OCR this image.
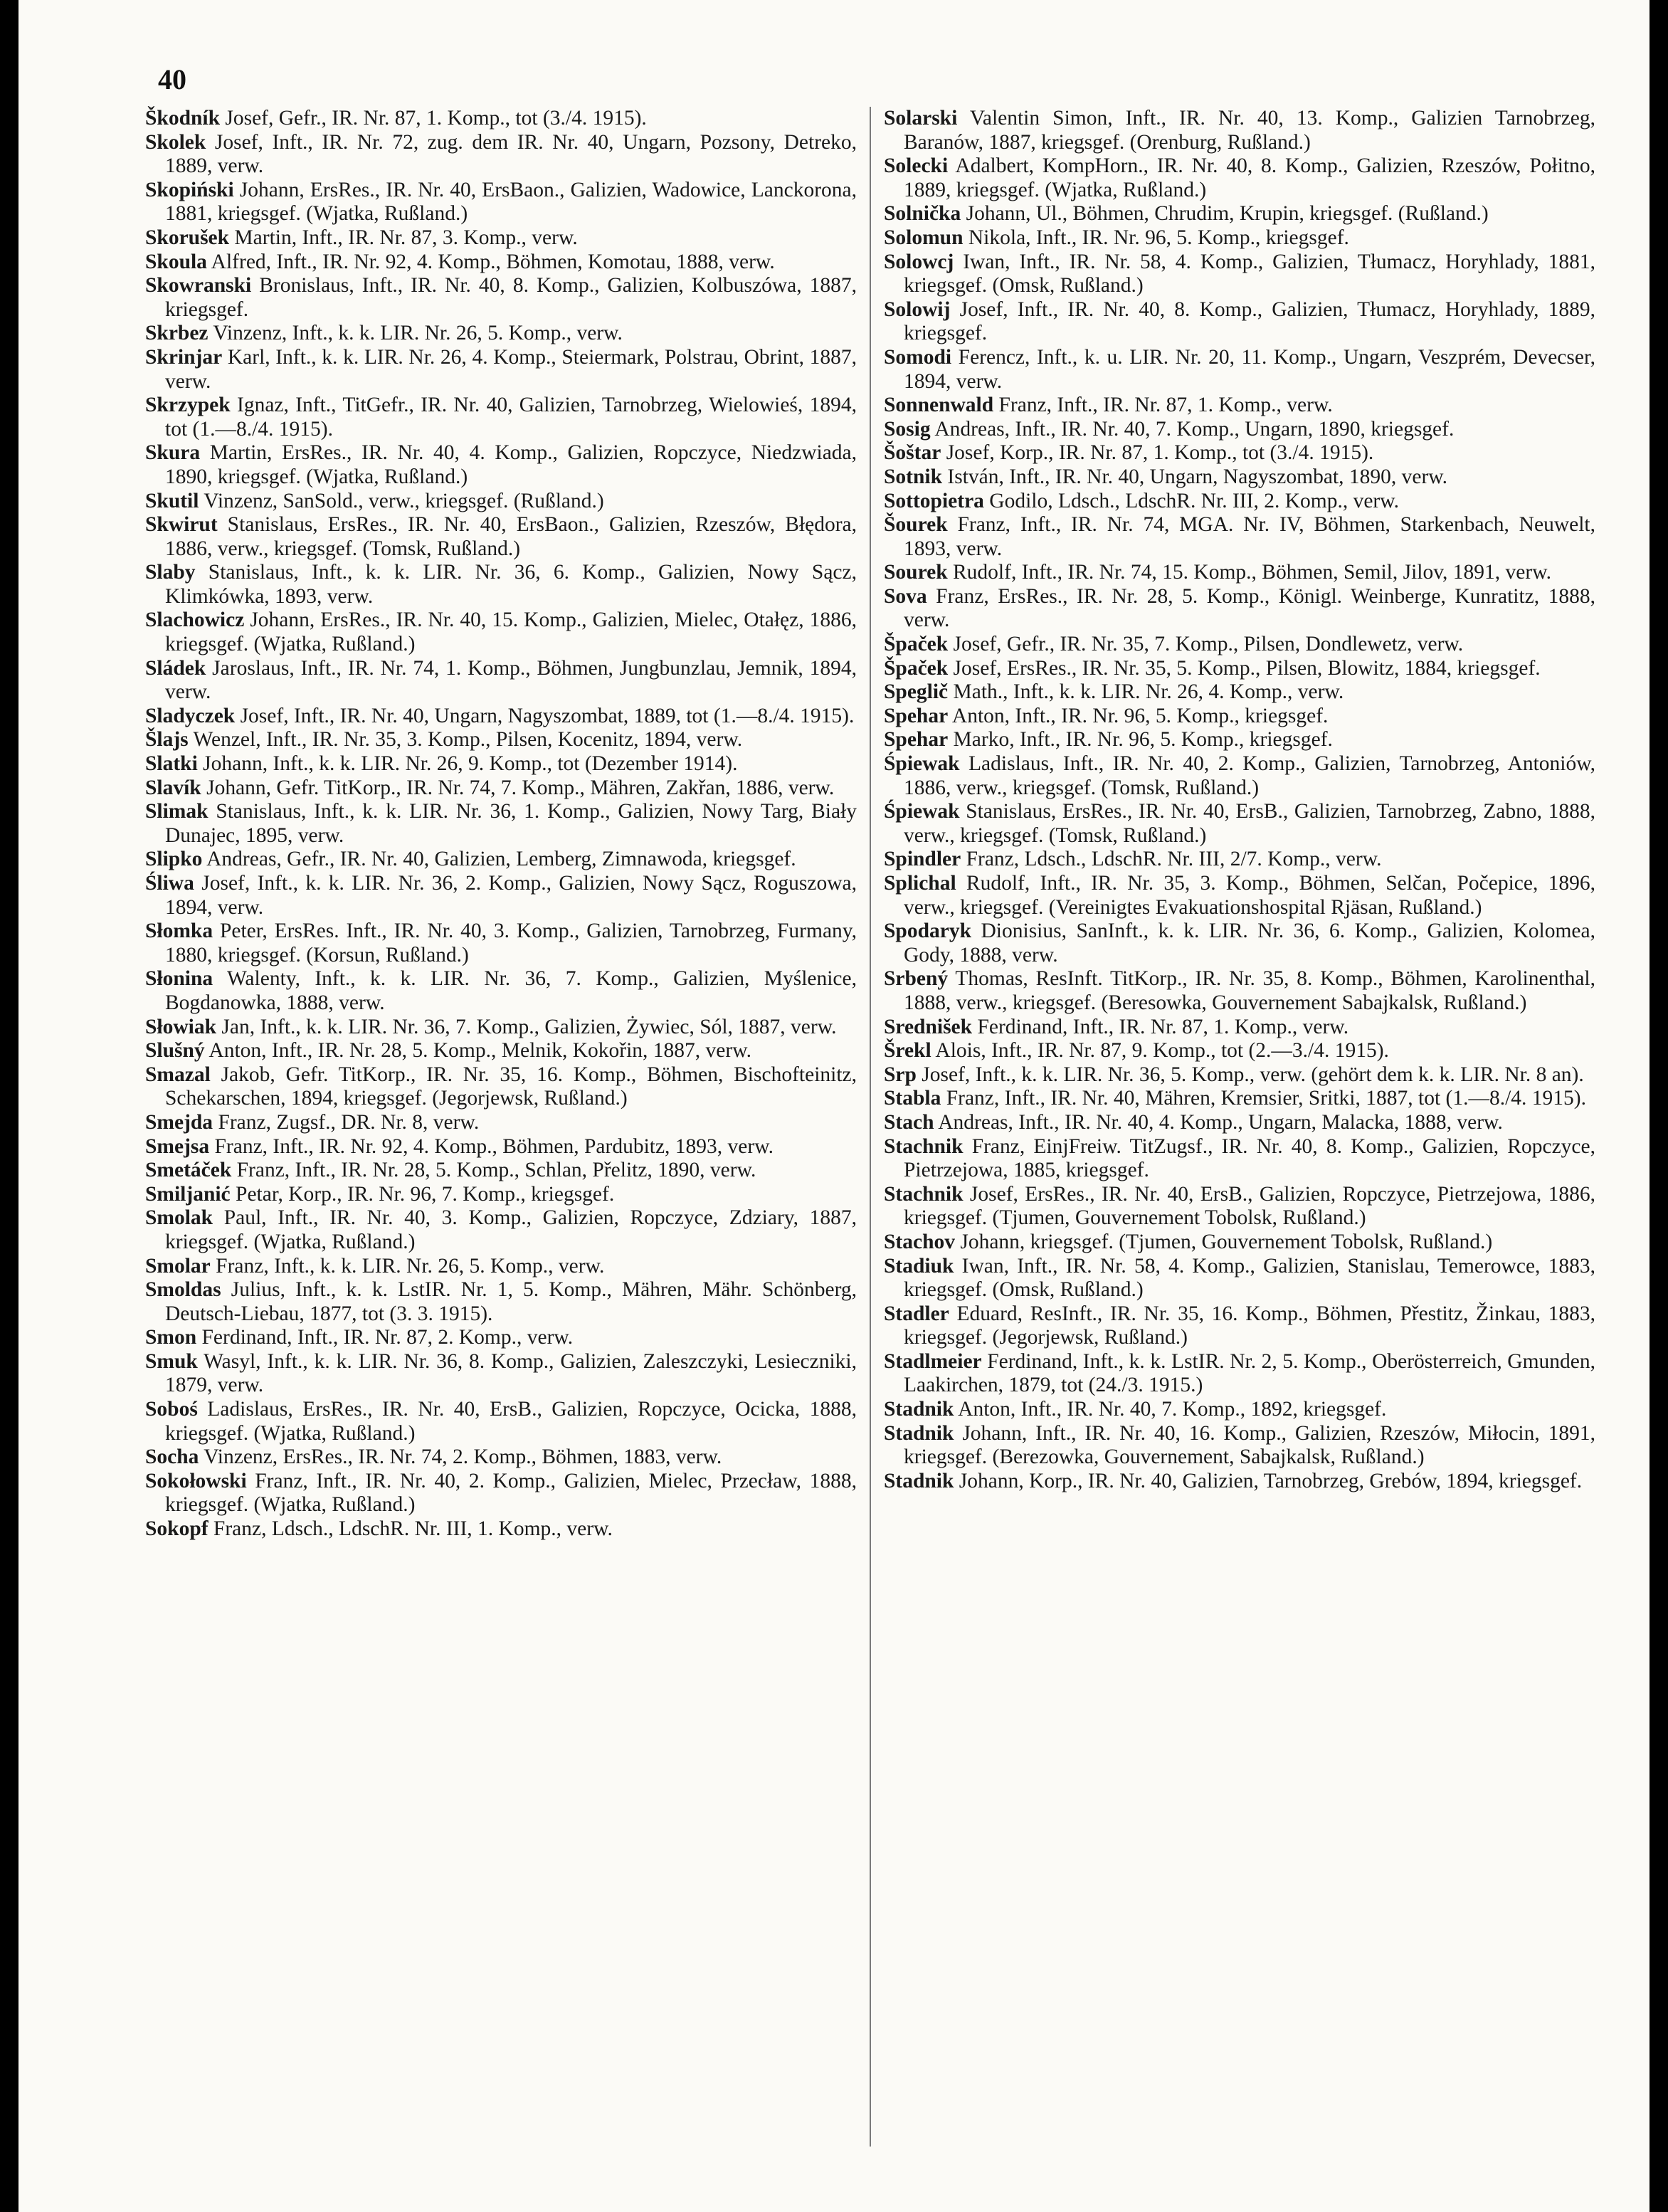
40

Škodník Josef, Gefr., IR. Nr. 87, 1. Komp., tot (3./4. 1915).

Skolek Josef, Inft., IR. Nr. 72, zug. dem IR. Nr. 40, Ungarn, Pozsony, Detreko, 1889, verw.

Skopiński Johann, ErsRes., IR. Nr. 40, ErsBaon., Galizien, Wadowice, Lanckorona, 1881, kriegsgef. (Wjatka, Rußland.)

Skorušek Martin, Inft., IR. Nr. 87, 3. Komp., verw.

Skoula Alfred, Inft., IR. Nr. 92, 4. Komp., Böhmen, Komotau, 1888, verw.

Skowranski Bronislaus, Inft., IR. Nr. 40, 8. Komp., Galizien, Kolbuszówa, 1887, kriegsgef.

Skrbez Vinzenz, Inft., k. k. LIR. Nr. 26, 5. Komp., verw.

Skrinjar Karl, Inft., k. k. LIR. Nr. 26, 4. Komp., Steiermark, Polstrau, Obrint, 1887, verw.

Skrzypek Ignaz, Inft., TitGefr., IR. Nr. 40, Galizien, Tarnobrzeg, Wielowieś, 1894, tot (1.—8./4. 1915).

Skura Martin, ErsRes., IR. Nr. 40, 4. Komp., Galizien, Ropczyce, Niedzwiada, 1890, kriegsgef. (Wjatka, Rußland.)

Skutil Vinzenz, SanSold., verw., kriegsgef. (Rußland.)

Skwirut Stanislaus, ErsRes., IR. Nr. 40, ErsBaon., Galizien, Rzeszów, Błędora, 1886, verw., kriegsgef. (Tomsk, Rußland.)

Slaby Stanislaus, Inft., k. k. LIR. Nr. 36, 6. Komp., Galizien, Nowy Sącz, Klimkówka, 1893, verw.

Slachowicz Johann, ErsRes., IR. Nr. 40, 15. Komp., Galizien, Mielec, Otałęz, 1886, kriegsgef. (Wjatka, Rußland.)

Sládek Jaroslaus, Inft., IR. Nr. 74, 1. Komp., Böhmen, Jungbunzlau, Jemnik, 1894, verw.

Sladyczek Josef, Inft., IR. Nr. 40, Ungarn, Nagyszombat, 1889, tot (1.—8./4. 1915).

Šlajs Wenzel, Inft., IR. Nr. 35, 3. Komp., Pilsen, Kocenitz, 1894, verw.

Slatki Johann, Inft., k. k. LIR. Nr. 26, 9. Komp., tot (Dezember 1914).

Slavík Johann, Gefr. TitKorp., IR. Nr. 74, 7. Komp., Mähren, Zakřan, 1886, verw.

Slimak Stanislaus, Inft., k. k. LIR. Nr. 36, 1. Komp., Galizien, Nowy Targ, Biały Dunajec, 1895, verw.

Slipko Andreas, Gefr., IR. Nr. 40, Galizien, Lemberg, Zimnawoda, kriegsgef.

Śliwa Josef, Inft., k. k. LIR. Nr. 36, 2. Komp., Galizien, Nowy Sącz, Roguszowa, 1894, verw.

Słomka Peter, ErsRes. Inft., IR. Nr. 40, 3. Komp., Galizien, Tarnobrzeg, Furmany, 1880, kriegsgef. (Korsun, Rußland.)

Słonina Walenty, Inft., k. k. LIR. Nr. 36, 7. Komp., Galizien, Myślenice, Bogdanowka, 1888, verw.

Słowiak Jan, Inft., k. k. LIR. Nr. 36, 7. Komp., Galizien, Żywiec, Sól, 1887, verw.

Slušný Anton, Inft., IR. Nr. 28, 5. Komp., Melnik, Kokořin, 1887, verw.

Smazal Jakob, Gefr. TitKorp., IR. Nr. 35, 16. Komp., Böhmen, Bischofteinitz, Schekarschen, 1894, kriegsgef. (Jegorjewsk, Rußland.)

Smejda Franz, Zugsf., DR. Nr. 8, verw.

Smejsa Franz, Inft., IR. Nr. 92, 4. Komp., Böhmen, Pardubitz, 1893, verw.

Smetáček Franz, Inft., IR. Nr. 28, 5. Komp., Schlan, Přelitz, 1890, verw.

Smiljanić Petar, Korp., IR. Nr. 96, 7. Komp., kriegsgef.

Smolak Paul, Inft., IR. Nr. 40, 3. Komp., Galizien, Ropczyce, Zdziary, 1887, kriegsgef. (Wjatka, Rußland.)

Smolar Franz, Inft., k. k. LIR. Nr. 26, 5. Komp., verw.

Smoldas Julius, Inft., k. k. LstIR. Nr. 1, 5. Komp., Mähren, Mähr. Schönberg, Deutsch-Liebau, 1877, tot (3. 3. 1915).

Smon Ferdinand, Inft., IR. Nr. 87, 2. Komp., verw.

Smuk Wasyl, Inft., k. k. LIR. Nr. 36, 8. Komp., Galizien, Zaleszczyki, Lesieczniki, 1879, verw.

Soboś Ladislaus, ErsRes., IR. Nr. 40, ErsB., Galizien, Ropczyce, Ocicka, 1888, kriegsgef. (Wjatka, Rußland.)

Socha Vinzenz, ErsRes., IR. Nr. 74, 2. Komp., Böhmen, 1883, verw.

Sokołowski Franz, Inft., IR. Nr. 40, 2. Komp., Galizien, Mielec, Przecław, 1888, kriegsgef. (Wjatka, Rußland.)

Sokopf Franz, Ldsch., LdschR. Nr. III, 1. Komp., verw.

Solarski Valentin Simon, Inft., IR. Nr. 40, 13. Komp., Galizien Tarnobrzeg, Baranów, 1887, kriegsgef. (Orenburg, Rußland.)

Solecki Adalbert, KompHorn., IR. Nr. 40, 8. Komp., Galizien, Rzeszów, Połitno, 1889, kriegsgef. (Wjatka, Rußland.)

Solnička Johann, Ul., Böhmen, Chrudim, Krupin, kriegsgef. (Rußland.)

Solomun Nikola, Inft., IR. Nr. 96, 5. Komp., kriegsgef.

Solowcj Iwan, Inft., IR. Nr. 58, 4. Komp., Galizien, Tłumacz, Horyhlady, 1881, kriegsgef. (Omsk, Rußland.)

Solowij Josef, Inft., IR. Nr. 40, 8. Komp., Galizien, Tłumacz, Horyhlady, 1889, kriegsgef.

Somodi Ferencz, Inft., k. u. LIR. Nr. 20, 11. Komp., Ungarn, Veszprém, Devecser, 1894, verw.

Sonnenwald Franz, Inft., IR. Nr. 87, 1. Komp., verw.

Sosig Andreas, Inft., IR. Nr. 40, 7. Komp., Ungarn, 1890, kriegsgef.

Šoštar Josef, Korp., IR. Nr. 87, 1. Komp., tot (3./4. 1915).

Sotnik István, Inft., IR. Nr. 40, Ungarn, Nagyszombat, 1890, verw.

Sottopietra Godilo, Ldsch., LdschR. Nr. III, 2. Komp., verw.

Šourek Franz, Inft., IR. Nr. 74, MGA. Nr. IV, Böhmen, Starkenbach, Neuwelt, 1893, verw.

Sourek Rudolf, Inft., IR. Nr. 74, 15. Komp., Böhmen, Semil, Jilov, 1891, verw.

Sova Franz, ErsRes., IR. Nr. 28, 5. Komp., Königl. Weinberge, Kunratitz, 1888, verw.

Špaček Josef, Gefr., IR. Nr. 35, 7. Komp., Pilsen, Dondlewetz, verw.

Špaček Josef, ErsRes., IR. Nr. 35, 5. Komp., Pilsen, Blowitz, 1884, kriegsgef.

Speglič Math., Inft., k. k. LIR. Nr. 26, 4. Komp., verw.

Spehar Anton, Inft., IR. Nr. 96, 5. Komp., kriegsgef.

Spehar Marko, Inft., IR. Nr. 96, 5. Komp., kriegsgef.

Śpiewak Ladislaus, Inft., IR. Nr. 40, 2. Komp., Galizien, Tarnobrzeg, Antoniów, 1886, verw., kriegsgef. (Tomsk, Rußland.)

Śpiewak Stanislaus, ErsRes., IR. Nr. 40, ErsB., Galizien, Tarnobrzeg, Zabno, 1888, verw., kriegsgef. (Tomsk, Rußland.)

Spindler Franz, Ldsch., LdschR. Nr. III, 2/7. Komp., verw.

Splichal Rudolf, Inft., IR. Nr. 35, 3. Komp., Böhmen, Selčan, Počepice, 1896, verw., kriegsgef. (Vereinigtes Evakuationshospital Rjäsan, Rußland.)

Spodaryk Dionisius, SanInft., k. k. LIR. Nr. 36, 6. Komp., Galizien, Kolomea, Gody, 1888, verw.

Srbený Thomas, ResInft. TitKorp., IR. Nr. 35, 8. Komp., Böhmen, Karolinenthal, 1888, verw., kriegsgef. (Beresowka, Gouvernement Sabajkalsk, Rußland.)

Srednišek Ferdinand, Inft., IR. Nr. 87, 1. Komp., verw.

Šrekl Alois, Inft., IR. Nr. 87, 9. Komp., tot (2.—3./4. 1915).

Srp Josef, Inft., k. k. LIR. Nr. 36, 5. Komp., verw. (gehört dem k. k. LIR. Nr. 8 an).

Stabla Franz, Inft., IR. Nr. 40, Mähren, Kremsier, Sritki, 1887, tot (1.—8./4. 1915).

Stach Andreas, Inft., IR. Nr. 40, 4. Komp., Ungarn, Malacka, 1888, verw.

Stachnik Franz, EinjFreiw. TitZugsf., IR. Nr. 40, 8. Komp., Galizien, Ropczyce, Pietrzejowa, 1885, kriegsgef.

Stachnik Josef, ErsRes., IR. Nr. 40, ErsB., Galizien, Ropczyce, Pietrzejowa, 1886, kriegsgef. (Tjumen, Gouvernement Tobolsk, Rußland.)

Stachov Johann, kriegsgef. (Tjumen, Gouvernement Tobolsk, Rußland.)

Stadiuk Iwan, Inft., IR. Nr. 58, 4. Komp., Galizien, Stanislau, Temerowce, 1883, kriegsgef. (Omsk, Rußland.)

Stadler Eduard, ResInft., IR. Nr. 35, 16. Komp., Böhmen, Přestitz, Žinkau, 1883, kriegsgef. (Jegorjewsk, Rußland.)

Stadlmeier Ferdinand, Inft., k. k. LstIR. Nr. 2, 5. Komp., Oberösterreich, Gmunden, Laakirchen, 1879, tot (24./3. 1915.)

Stadnik Anton, Inft., IR. Nr. 40, 7. Komp., 1892, kriegsgef.

Stadnik Johann, Inft., IR. Nr. 40, 16. Komp., Galizien, Rzeszów, Miłocin, 1891, kriegsgef. (Berezowka, Gouvernement, Sabajkalsk, Rußland.)

Stadnik Johann, Korp., IR. Nr. 40, Galizien, Tarnobrzeg, Grebów, 1894, kriegsgef.
